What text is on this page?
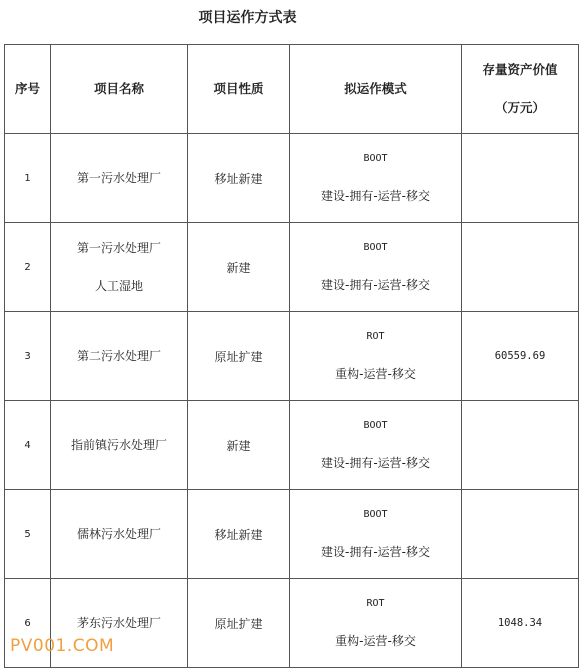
项目运作方式表
序号	项目名称	项目性质	拟运作模式	存量资产价值
（万元）

1	第一污水处理厂	移址新建	BOOT
建设-拥有-运营-移交	

2	第一污水处理厂
人工湿地	新建	BOOT
建设-拥有-运营-移交	

3	第二污水处理厂	原址扩建	ROT
重构-运营-移交	60559.69
4	指前镇污水处理厂	新建	BOOT
建设-拥有-运营-移交	

5	儒林污水处理厂	移址新建	BOOT
建设-拥有-运营-移交	

6	茅东污水处理厂	原址扩建	ROT
重构-运营-移交	1048.34
PV001.COM
